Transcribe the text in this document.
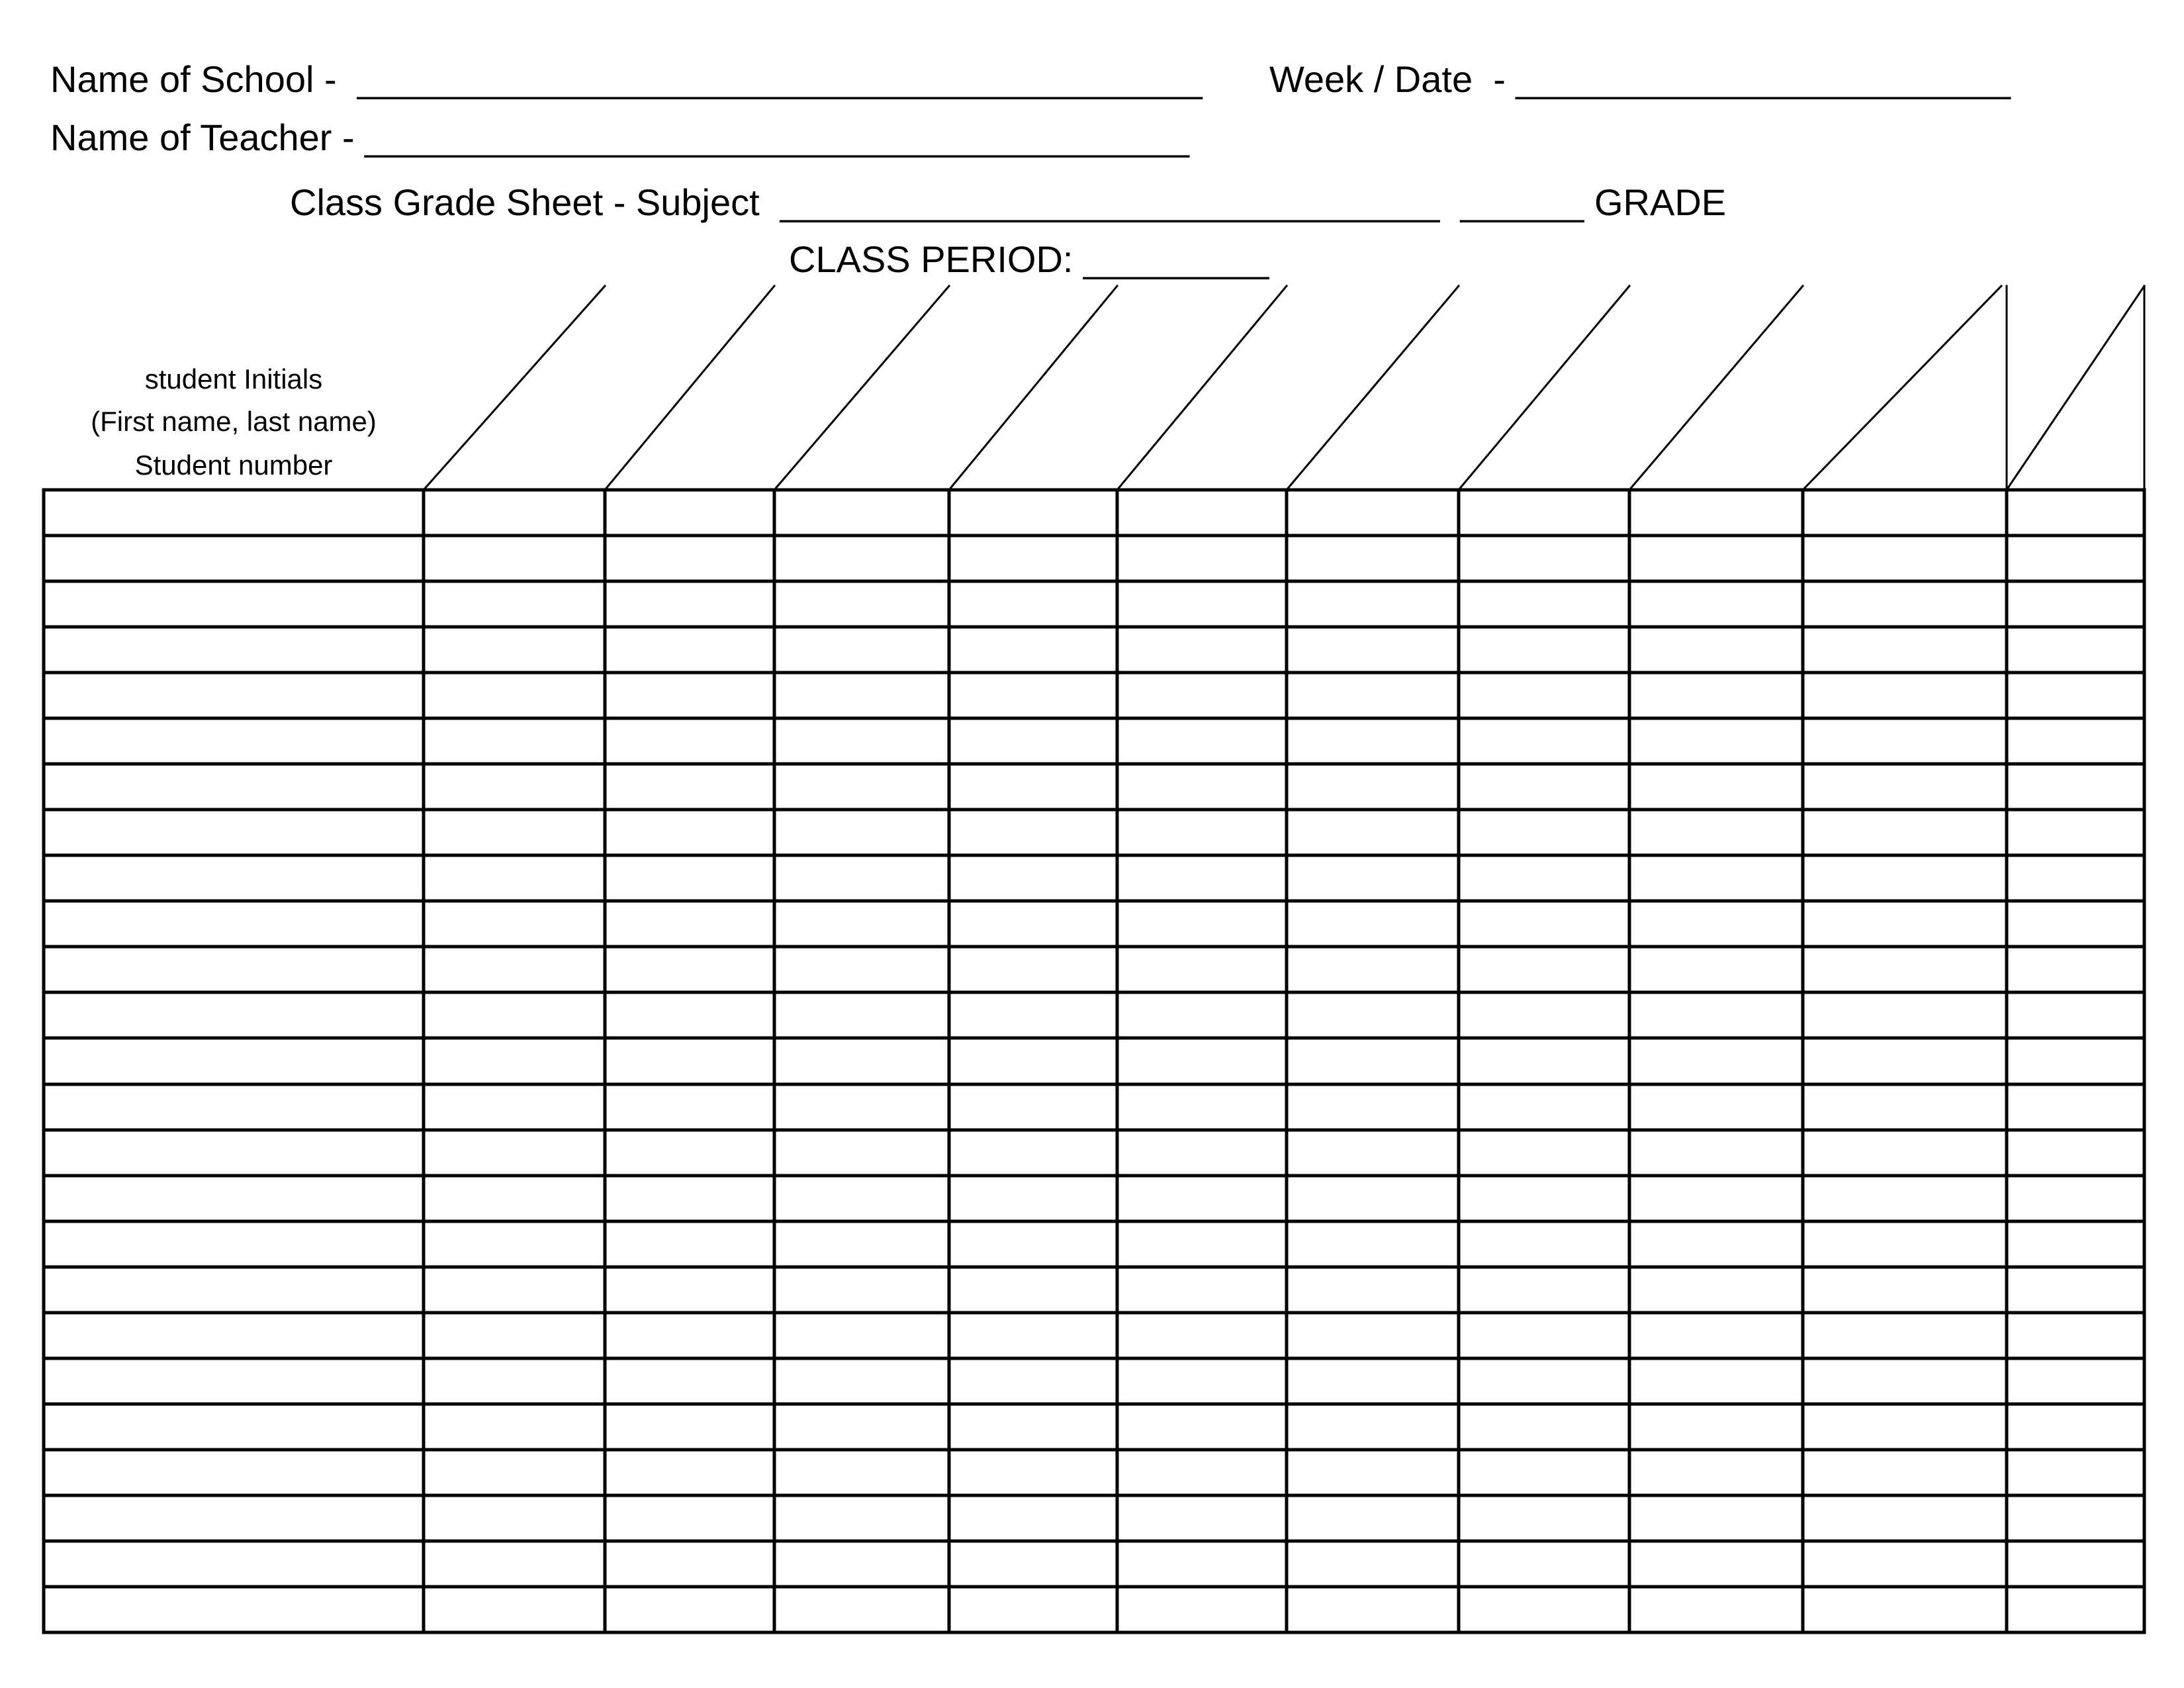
Name of School -  _________________________________________ Week / Date  - ________________________
Name of Teacher - ________________________________________
Class Grade Sheet - Subject  ________________________________  ______ GRADE
CLASS PERIOD: _________
student Initials
(First name, last name)
Student number
